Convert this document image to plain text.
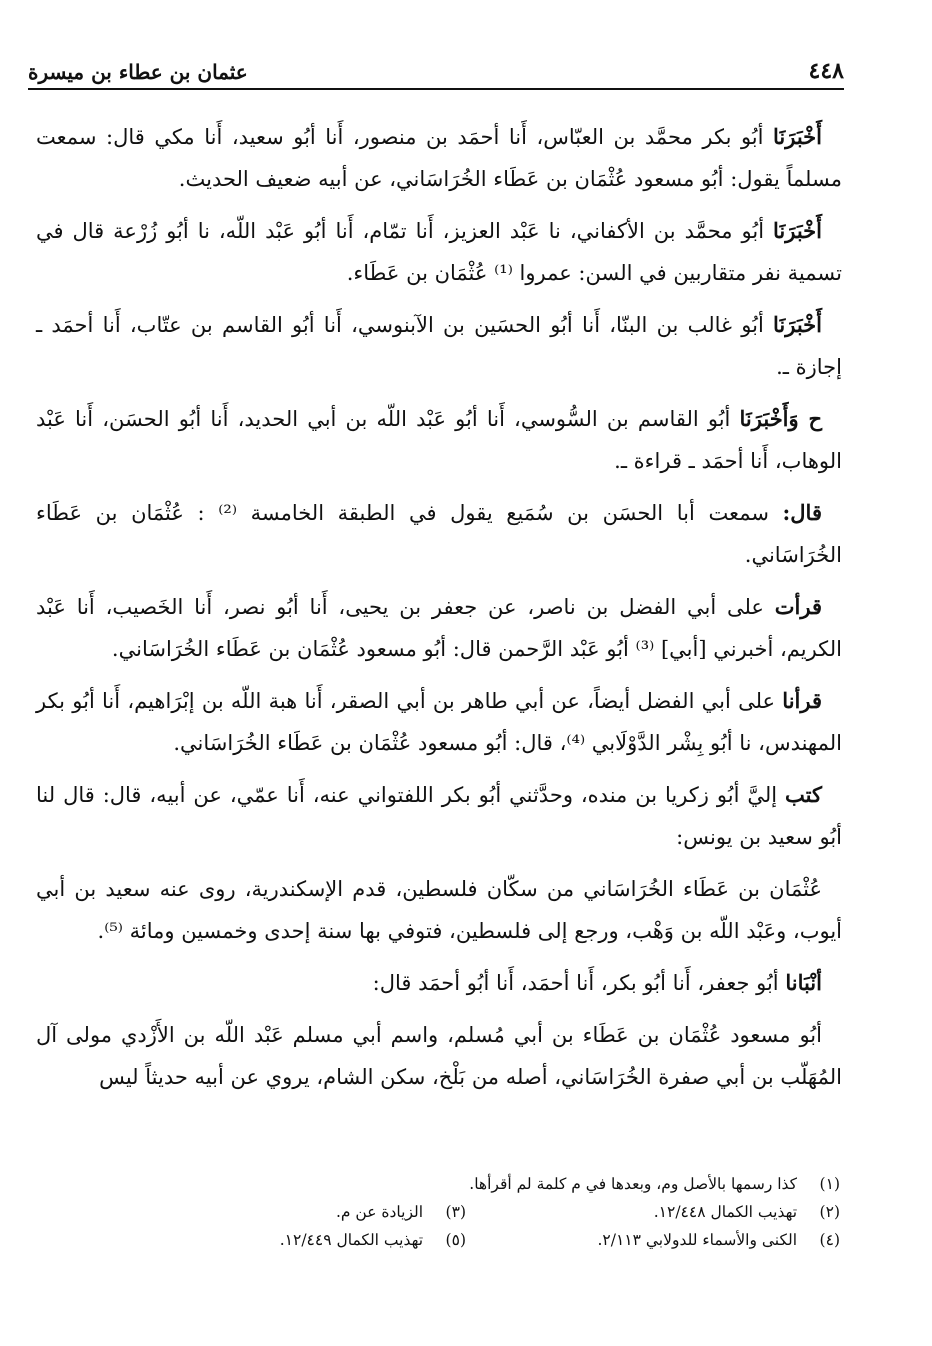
٤٤٨
عثمان بن عطاء بن ميسرة

أَخْبَرَنَا أبُو بكر محمَّد بن العبّاس، أَنا أحمَد بن منصور، أَنا أبُو سعيد، أَنا مكي قال: سمعت مسلماً يقول: أبُو مسعود عُثْمَان بن عَطَاء الخُرَاسَاني، عن أبيه ضعيف الحديث.

أَخْبَرَنَا أبُو محمَّد بن الأكفاني، نا عَبْد العزيز، أَنا تمّام، أَنا أبُو عَبْد اللّه، نا أبُو زُرْعة قال في تسمية نفر متقاربين في السن: عمروا ⁽¹⁾ عُثْمَان بن عَطَاء.

أَخْبَرَنَا أبُو غالب بن البنّا، أَنا أبُو الحسَين بن الآبنوسي، أَنا أبُو القاسم بن عتّاب، أَنا أحمَد ـ إجازة ـ.

ح وَأَخْبَرَنَا أبُو القاسم بن السُّوسي، أَنا أبُو عَبْد اللّه بن أبي الحديد، أَنا أبُو الحسَن، أَنا عَبْد الوهاب، أَنا أحمَد ـ قراءة ـ.

قال: سمعت أبا الحسَن بن سُمَيع يقول في الطبقة الخامسة ⁽²⁾ : عُثْمَان بن عَطَاء الخُرَاسَاني.

قرأت على أبي الفضل بن ناصر، عن جعفر بن يحيى، أَنا أبُو نصر، أَنا الخَصيب، أَنا عَبْد الكريم، أخبرني [أبي] ⁽³⁾ أبُو عَبْد الرَّحمن قال: أبُو مسعود عُثْمَان بن عَطَاء الخُرَاسَاني.

قرأنا على أبي الفضل أيضاً، عن أبي طاهر بن أبي الصقر، أَنا هبة اللّه بن إبْرَاهيم، أَنا أبُو بكر المهندس، نا أبُو بِشْر الدَّوْلَابي ⁽⁴⁾، قال: أبُو مسعود عُثْمَان بن عَطَاء الخُرَاسَاني.

كتب إليَّ أبُو زكريا بن منده، وحدَّثني أبُو بكر اللفتواني عنه، أَنا عمّي، عن أبيه، قال: قال لنا أبُو سعيد بن يونس:

عُثْمَان بن عَطَاء الخُرَاسَاني من سكّان فلسطين، قدم الإسكندرية، روى عنه سعيد بن أبي أيوب، وعَبْد اللّه بن وَهْب، ورجع إلى فلسطين، فتوفي بها سنة إحدى وخمسين ومائة ⁽⁵⁾.

أنْبَانا أبُو جعفر، أَنا أبُو بكر، أَنا أحمَد، أَنا أبُو أحمَد قال:

أبُو مسعود عُثْمَان بن عَطَاء بن أبي مُسلم، واسم أبي مسلم عَبْد اللّه بن الأَزْدي مولى آل المُهَلّب بن أبي صفرة الخُرَاسَاني، أصله من بَلْخ، سكن الشام، يروي عن أبيه حديثاً ليس

(١) كذا رسمها بالأصل وم، وبعدها في م كلمة لم أقرأها.
(٢) تهذيب الكمال ١٢/٤٤٨.
(٣) الزيادة عن م.
(٤) الكنى والأسماء للدولابي ٢/١١٣.
(٥) تهذيب الكمال ١٢/٤٤٩.
